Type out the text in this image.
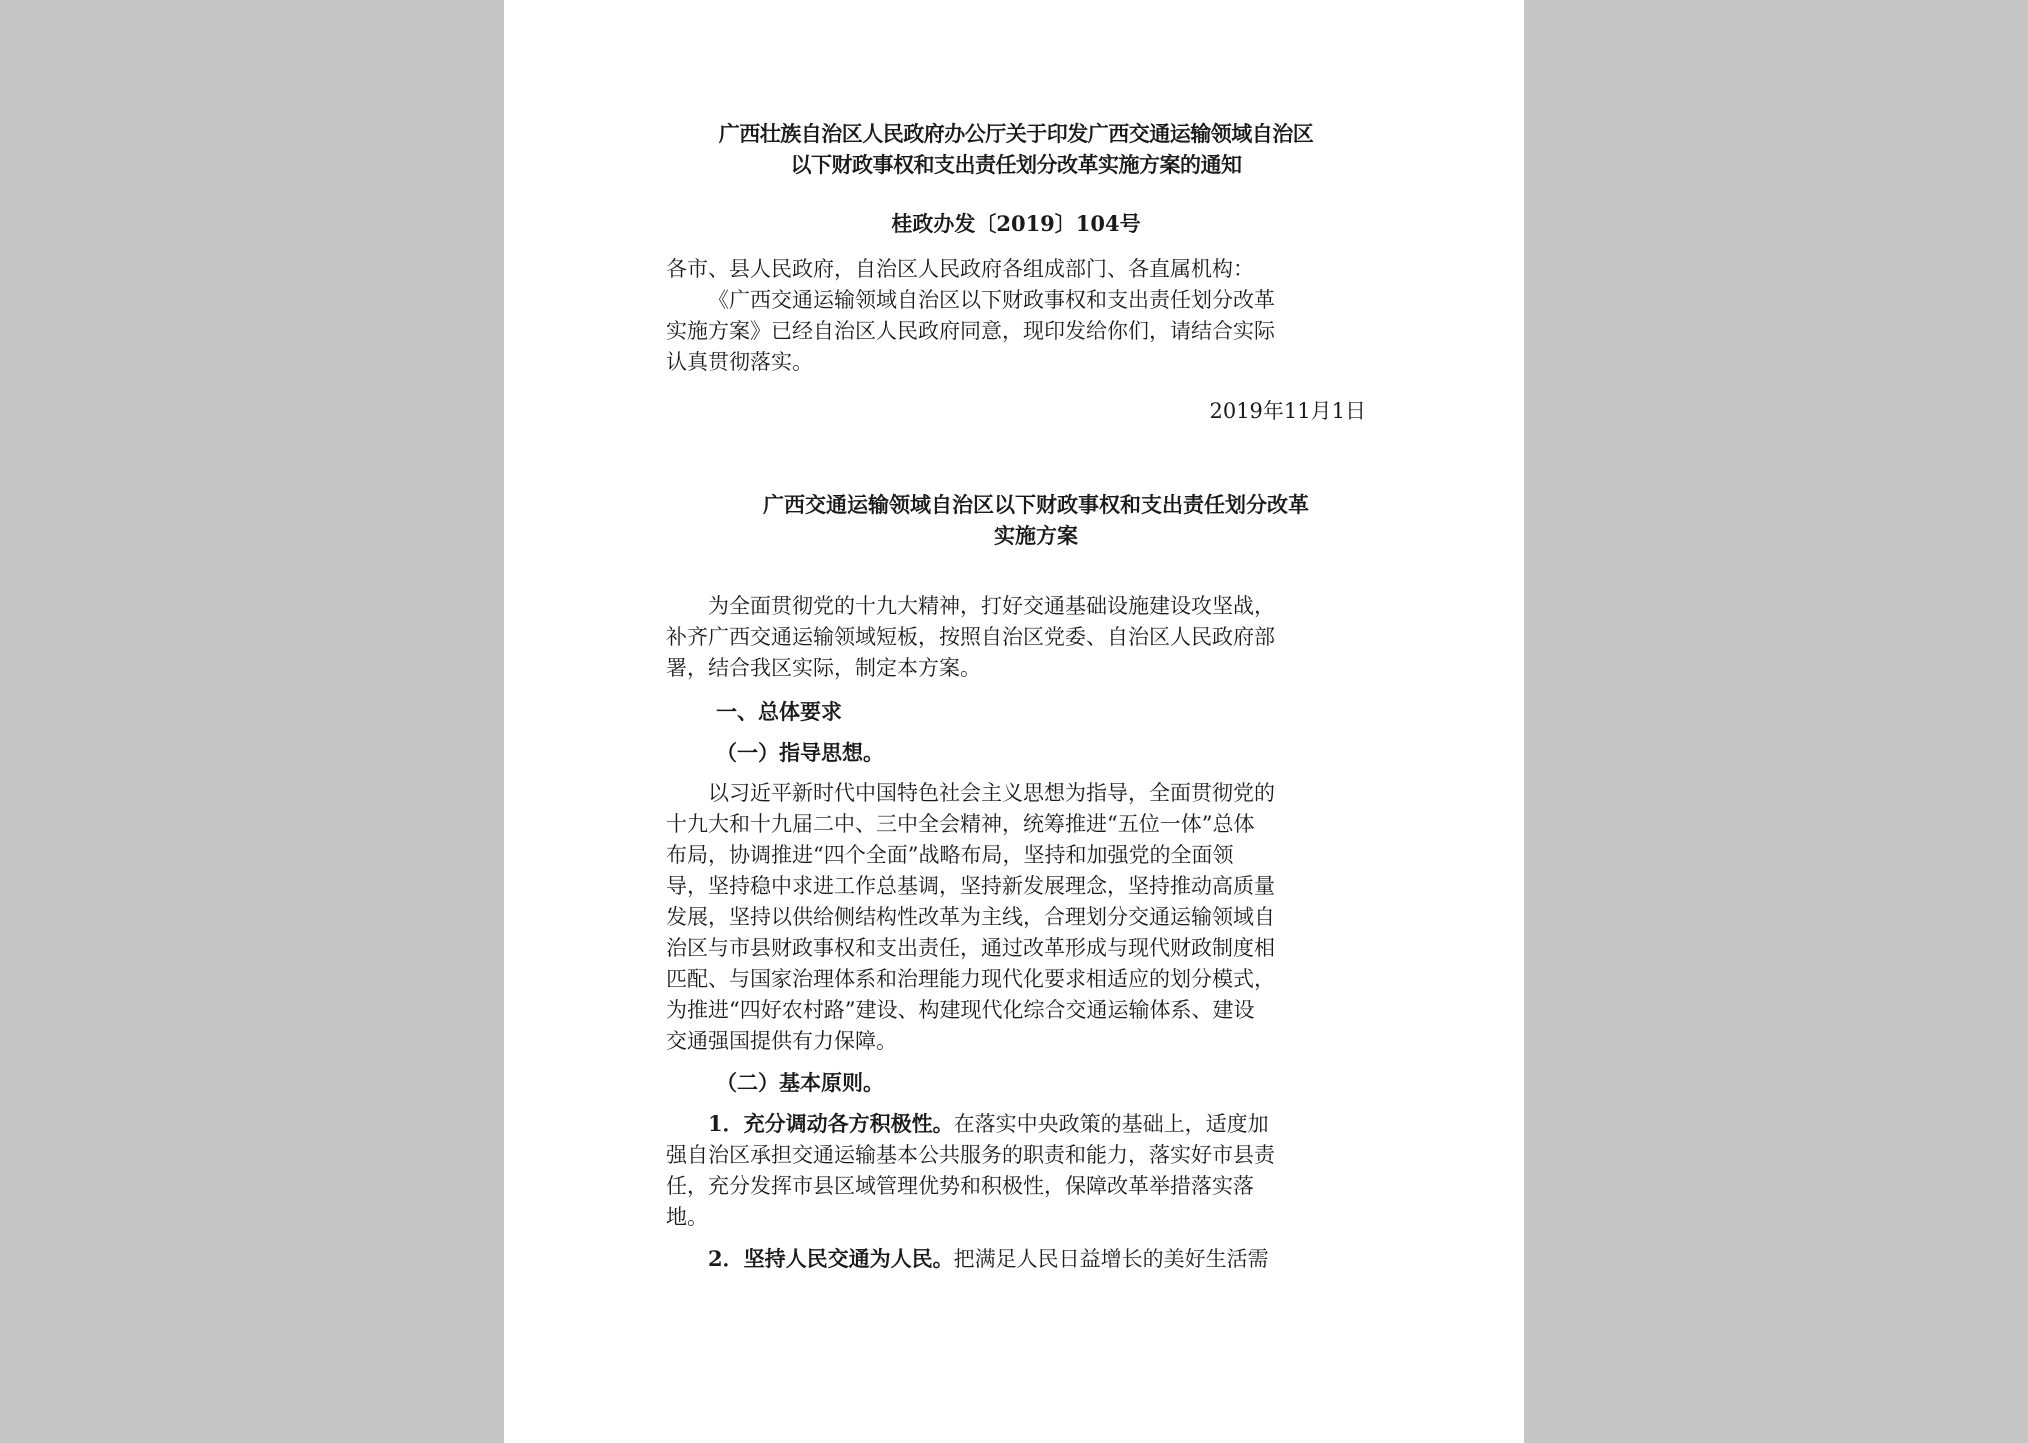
广西壮族自治区人民政府办公厅关于印发广西交通运输领域自治区
以下财政事权和支出责任划分改革实施方案的通知
桂政办发〔2019〕104号
各市、县人民政府，自治区人民政府各组成部门、各直属机构：
《广西交通运输领域自治区以下财政事权和支出责任划分改革
实施方案》已经自治区人民政府同意，现印发给你们，请结合实际
认真贯彻落实。
2019年11月1日
广西交通运输领域自治区以下财政事权和支出责任划分改革
实施方案
为全面贯彻党的十九大精神，打好交通基础设施建设攻坚战，
补齐广西交通运输领域短板，按照自治区党委、自治区人民政府部
署，结合我区实际，制定本方案。
一、总体要求
（一）指导思想。
以习近平新时代中国特色社会主义思想为指导，全面贯彻党的
十九大和十九届二中、三中全会精神，统筹推进“五位一体”总体
布局，协调推进“四个全面”战略布局，坚持和加强党的全面领
导，坚持稳中求进工作总基调，坚持新发展理念，坚持推动高质量
发展，坚持以供给侧结构性改革为主线，合理划分交通运输领域自
治区与市县财政事权和支出责任，通过改革形成与现代财政制度相
匹配、与国家治理体系和治理能力现代化要求相适应的划分模式，
为推进“四好农村路”建设、构建现代化综合交通运输体系、建设
交通强国提供有力保障。
（二）基本原则。
1．充分调动各方积极性。在落实中央政策的基础上，适度加
强自治区承担交通运输基本公共服务的职责和能力，落实好市县责
任，充分发挥市县区域管理优势和积极性，保障改革举措落实落
地。
2．坚持人民交通为人民。把满足人民日益增长的美好生活需
